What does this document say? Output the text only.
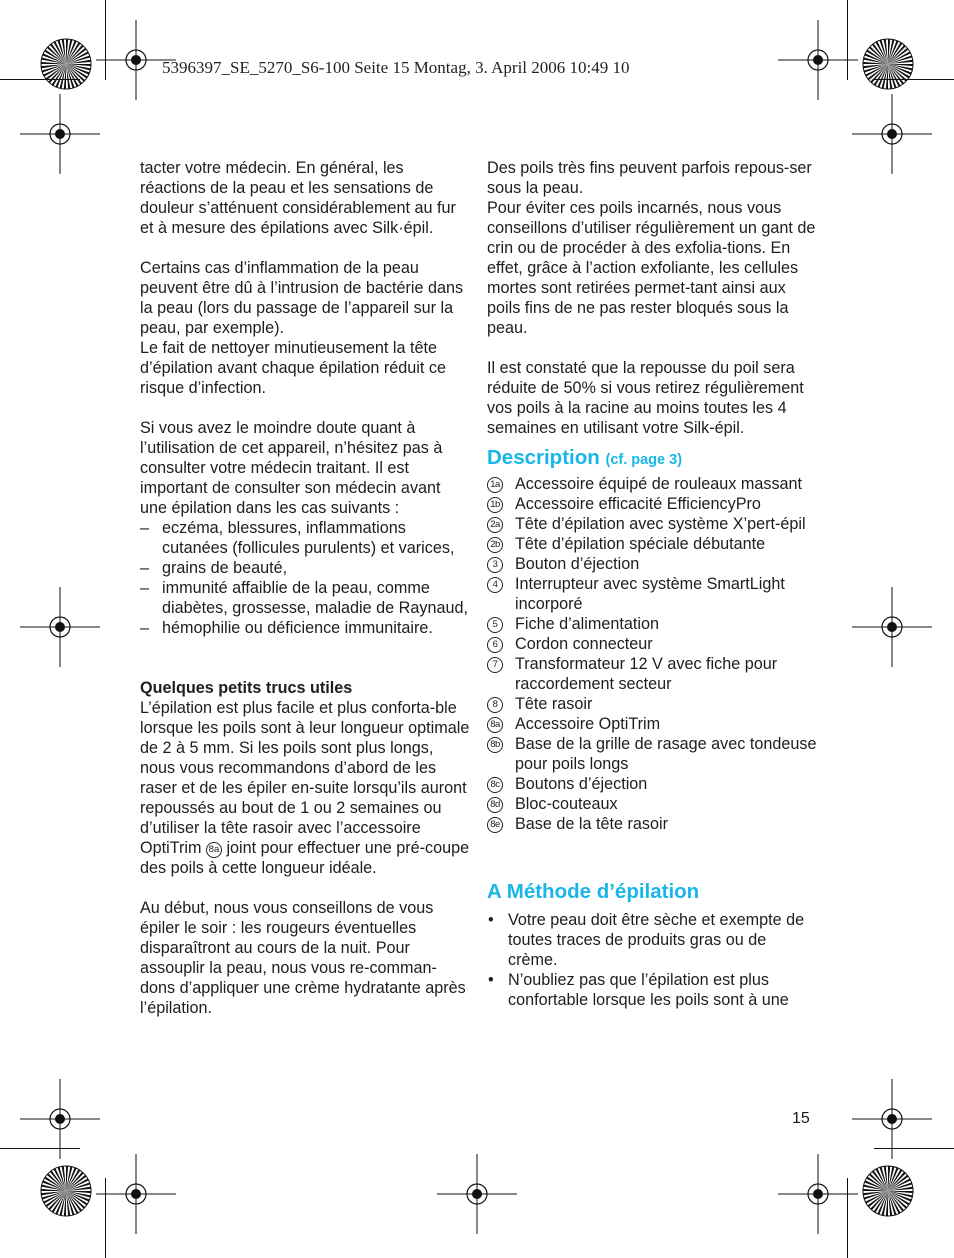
5396397_SE_5270_S6-100 Seite 15 Montag, 3. April 2006 10:49 10

tacter votre médecin. En général, les réactions de la peau et les sensations de douleur s’atténuent considérablement au fur et à mesure des épilations avec Silk·épil.

Certains cas d’inflammation de la peau peuvent être dû à l’intrusion de bactérie dans la peau (lors du passage de l’appareil sur la peau, par exemple).

Le fait de nettoyer minutieusement la tête d’épilation avant chaque épilation réduit ce risque d’infection.

Si vous avez le moindre doute quant à l’utilisation de cet appareil, n’hésitez pas à consulter votre médecin traitant. Il est important de consulter son médecin avant une épilation dans les cas suivants :

– eczéma, blessures, inflammations cutanées (follicules purulents) et varices,
– grains de beauté,
– immunité affaiblie de la peau, comme diabètes, grossesse, maladie de Raynaud,
– hémophilie ou déficience immunitaire.

Quelques petits trucs utiles

L’épilation est plus facile et plus conforta-ble lorsque les poils sont à leur longueur optimale de 2 à 5 mm. Si les poils sont plus longs, nous vous recommandons d’abord de les raser et de les épiler en-suite lorsqu’ils auront repoussés au bout de 1 ou 2 semaines ou d’utiliser la tête rasoir avec l’accessoire OptiTrim 8a joint pour effectuer une pré-coupe des poils à cette longueur idéale.

Au début, nous vous conseillons de vous épiler le soir : les rougeurs éventuelles disparaîtront au cours de la nuit. Pour assouplir la peau, nous vous re-comman-dons d’appliquer une crème hydratante après l’épilation.

Des poils très fins peuvent parfois repous-ser sous la peau.

Pour éviter ces poils incarnés, nous vous conseillons d’utiliser régulièrement un gant de crin ou de procéder à des exfolia-tions. En effet, grâce à l’action exfoliante, les cellules mortes sont retirées permet-tant ainsi aux poils fins de ne pas rester bloqués sous la peau.

Il est constaté que la repousse du poil sera réduite de 50% si vous retirez régulièrement vos poils à la racine au moins toutes les 4 semaines en utilisant votre Silk-épil.

Description (cf. page 3)
1a Accessoire équipé de rouleaux massant
1b Accessoire efficacité EfficiencyPro
2a Tête d’épilation avec système X’pert-épil
2b Tête d’épilation spéciale débutante
3	Bouton d’éjection
4	Interrupteur avec système SmartLight incorporé
5	Fiche d’alimentation
6	Cordon connecteur
7	Transformateur 12 V avec fiche pour raccordement secteur
8	Tête rasoir
8a Accessoire OptiTrim
8b Base de la grille de rasage avec tondeuse pour poils longs
8c Boutons d’éjection
8d Bloc-couteaux
8e Base de la tête rasoir
A Méthode d’épilation
• Votre peau doit être sèche et exempte de toutes traces de produits gras ou de crème.
• N’oubliez pas que l’épilation est plus confortable lorsque les poils sont à une
15
